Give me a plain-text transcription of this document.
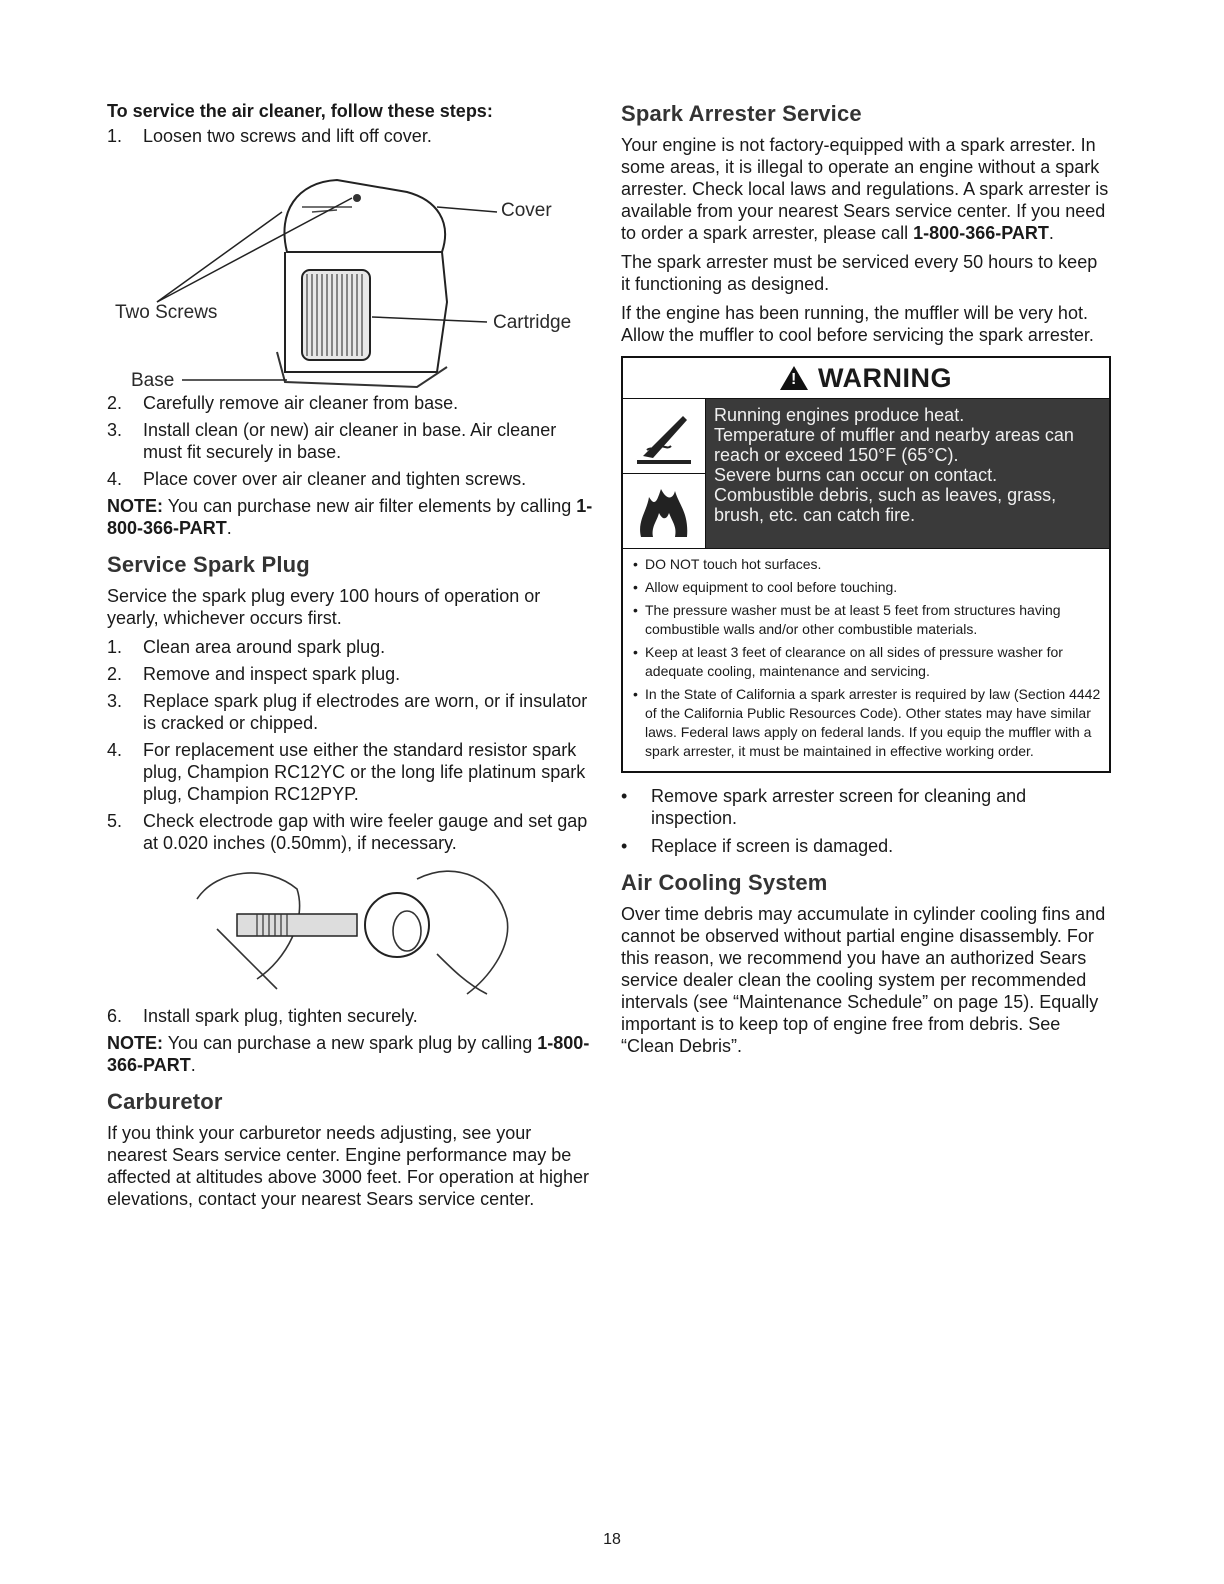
To service the air cleaner, follow these steps:

1. Loosen two screws and lift off cover.
Two Screws
Cover
Cartridge
Base
2. Carefully remove air cleaner from base.
3. Install clean (or new) air cleaner in base. Air cleaner must fit securely in base.
4. Place cover over air cleaner and tighten screws.

NOTE: You can purchase new air filter elements by calling 1-800-366-PART.

Service Spark Plug

Service the spark plug every 100 hours of operation or yearly, whichever occurs first.

1. Clean area around spark plug.
2. Remove and inspect spark plug.
3. Replace spark plug if electrodes are worn, or if insulator is cracked or chipped.
4. For replacement use either the standard resistor spark plug, Champion RC12YC or the long life platinum spark plug, Champion RC12PYP.
5. Check electrode gap with wire feeler gauge and set gap at 0.020 inches (0.50mm), if necessary.
6. Install spark plug, tighten securely.

NOTE: You can purchase a new spark plug by calling 1-800-366-PART.

Carburetor

If you think your carburetor needs adjusting, see your nearest Sears service center. Engine performance may be affected at altitudes above 3000 feet. For operation at higher elevations, contact your nearest Sears service center.

Spark Arrester Service

Your engine is not factory-equipped with a spark arrester. In some areas, it is illegal to operate an engine without a spark arrester. Check local laws and regulations. A spark arrester is available from your nearest Sears service center. If you need to order a spark arrester, please call 1-800-366-PART.

The spark arrester must be serviced every 50 hours to keep it functioning as designed.

If the engine has been running, the muffler will be very hot. Allow the muffler to cool before servicing the spark arrester.

! WARNING
Running engines produce heat.
Temperature of muffler and nearby areas can reach or exceed 150°F (65°C).
Severe burns can occur on contact.
Combustible debris, such as leaves, grass, brush, etc. can catch fire.
• DO NOT touch hot surfaces.
• Allow equipment to cool before touching.
• The pressure washer must be at least 5 feet from structures having combustible walls and/or other combustible materials.
• Keep at least 3 feet of clearance on all sides of pressure washer for adequate cooling, maintenance and servicing.
• In the State of California a spark arrester is required by law (Section 4442 of the California Public Resources Code). Other states may have similar laws. Federal laws apply on federal lands. If you equip the muffler with a spark arrester, it must be maintained in effective working order.
• Remove spark arrester screen for cleaning and inspection.
• Replace if screen is damaged.
Air Cooling System

Over time debris may accumulate in cylinder cooling fins and cannot be observed without partial engine disassembly. For this reason, we recommend you have an authorized Sears service dealer clean the cooling system per recommended intervals (see “Maintenance Schedule” on page 15). Equally important is to keep top of engine free from debris. See “Clean Debris”.

18
